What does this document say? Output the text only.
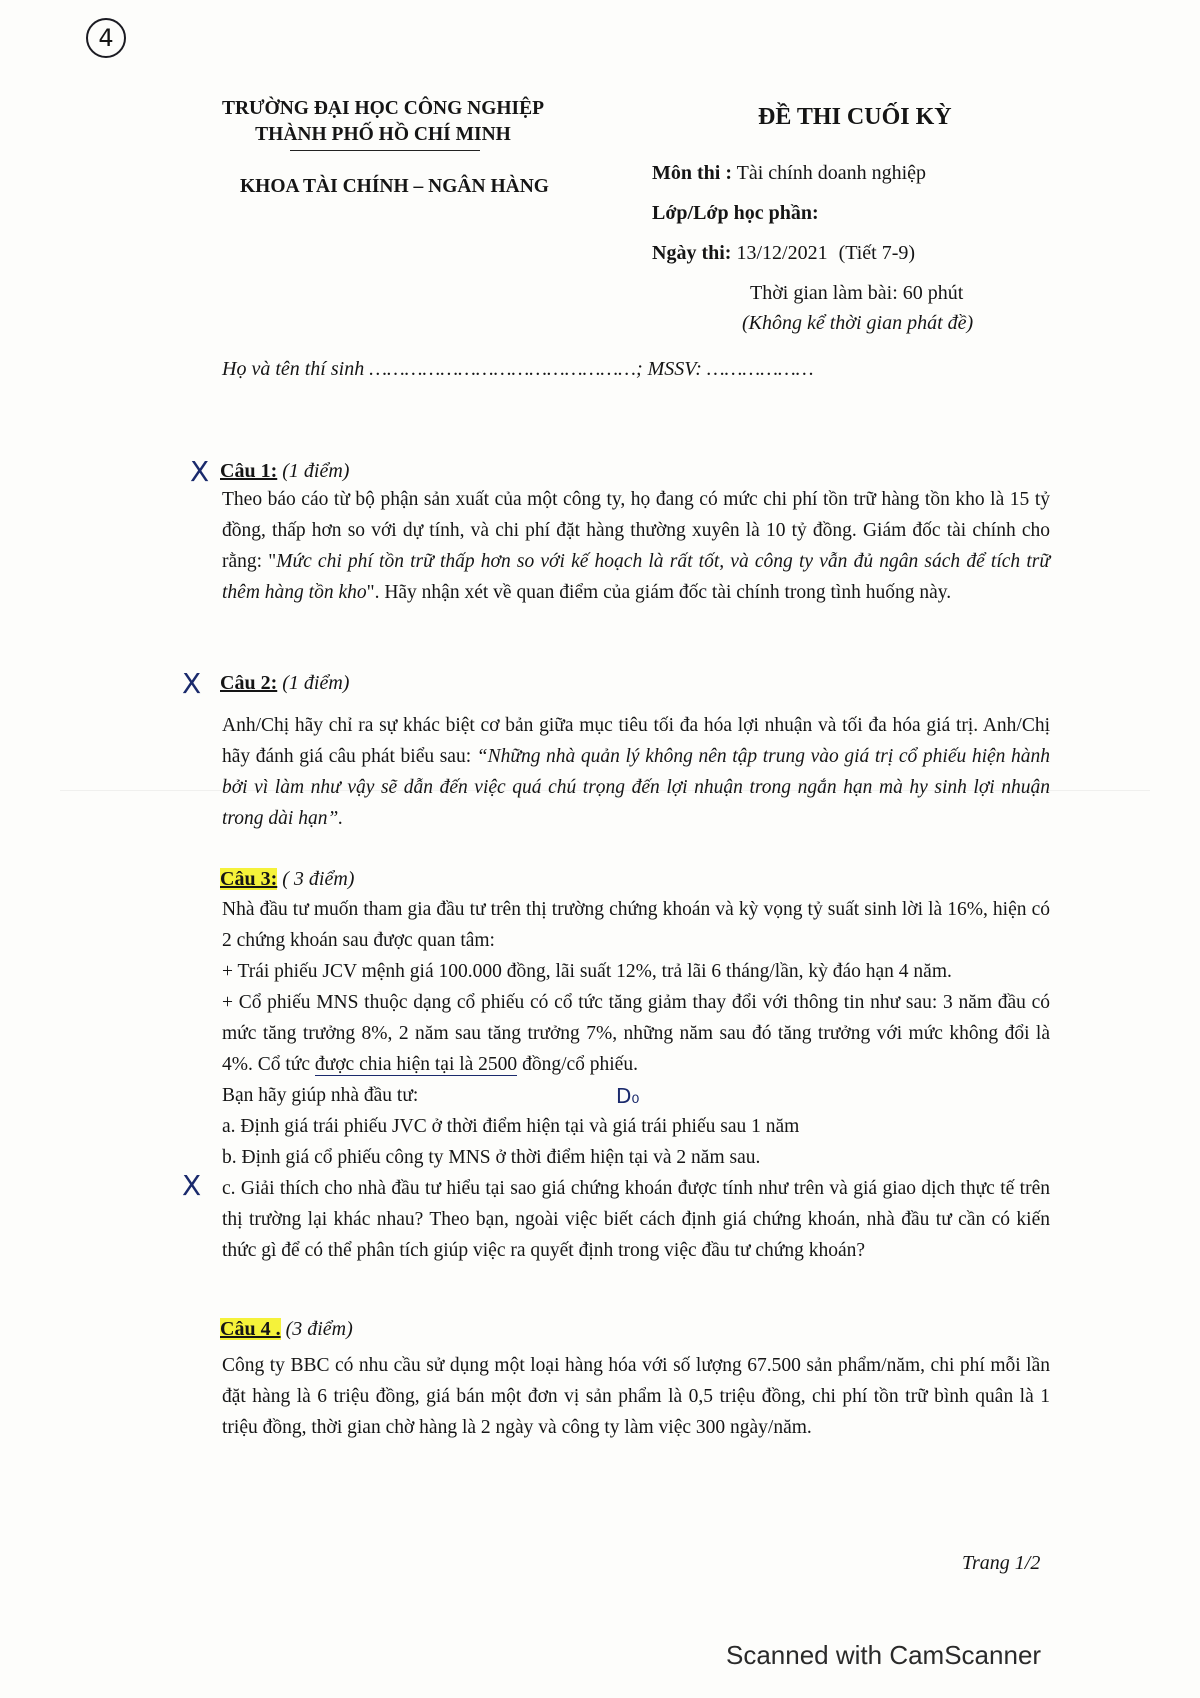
4
TRƯỜNG ĐẠI HỌC CÔNG NGHIỆP
THÀNH PHỐ HỒ CHÍ MINH
KHOA TÀI CHÍNH – NGÂN HÀNG
ĐỀ THI CUỐI KỲ
Môn thi : Tài chính doanh nghiệp
Lớp/Lớp học phần:
Ngày thi: 13/12/2021 (Tiết 7-9)
Thời gian làm bài: 60 phút
(Không kể thời gian phát đề)
Họ và tên thí sinh ………………………………………; MSSV: ………………
X Câu 1: (1 điểm)

Theo báo cáo từ bộ phận sản xuất của một công ty, họ đang có mức chi phí tồn trữ hàng tồn kho là 15 tỷ đồng, thấp hơn so với dự tính, và chi phí đặt hàng thường xuyên là 10 tỷ đồng. Giám đốc tài chính cho rằng: "Mức chi phí tồn trữ thấp hơn so với kế hoạch là rất tốt, và công ty vẫn đủ ngân sách để tích trữ thêm hàng tồn kho". Hãy nhận xét về quan điểm của giám đốc tài chính trong tình huống này.

X Câu 2: (1 điểm)

Anh/Chị hãy chỉ ra sự khác biệt cơ bản giữa mục tiêu tối đa hóa lợi nhuận và tối đa hóa giá trị. Anh/Chị hãy đánh giá câu phát biểu sau: “Những nhà quản lý không nên tập trung vào giá trị cổ phiếu hiện hành bởi vì làm như vậy sẽ dẫn đến việc quá chú trọng đến lợi nhuận trong ngắn hạn mà hy sinh lợi nhuận trong dài hạn”.

Câu 3: ( 3 điểm)

Nhà đầu tư muốn tham gia đầu tư trên thị trường chứng khoán và kỳ vọng tỷ suất sinh lời là 16%, hiện có 2 chứng khoán sau được quan tâm:

+ Trái phiếu JCV mệnh giá 100.000 đồng, lãi suất 12%, trả lãi 6 tháng/lần, kỳ đáo hạn 4 năm.

+ Cổ phiếu MNS thuộc dạng cổ phiếu có cổ tức tăng giảm thay đổi với thông tin như sau: 3 năm đầu có mức tăng trưởng 8%, 2 năm sau tăng trưởng 7%, những năm sau đó tăng trưởng với mức không đổi là 4%. Cổ tức được chia hiện tại là 2500 đồng/cổ phiếu.

Bạn hãy giúp nhà đầu tư:

a. Định giá trái phiếu JVC ở thời điểm hiện tại và giá trái phiếu sau 1 năm

b. Định giá cổ phiếu công ty MNS ở thời điểm hiện tại và 2 năm sau.

c. Giải thích cho nhà đầu tư hiểu tại sao giá chứng khoán được tính như trên và giá giao dịch thực tế trên thị trường lại khác nhau? Theo bạn, ngoài việc biết cách định giá chứng khoán, nhà đầu tư cần có kiến thức gì để có thể phân tích giúp việc ra quyết định trong việc đầu tư chứng khoán?

D₀
X
Câu 4 . (3 điểm)

Công ty BBC có nhu cầu sử dụng một loại hàng hóa với số lượng 67.500 sản phẩm/năm, chi phí mỗi lần đặt hàng là 6 triệu đồng, giá bán một đơn vị sản phẩm là 0,5 triệu đồng, chi phí tồn trữ bình quân là 1 triệu đồng, thời gian chờ hàng là 2 ngày và công ty làm việc 300 ngày/năm.

Trang 1/2
Scanned with CamScanner
